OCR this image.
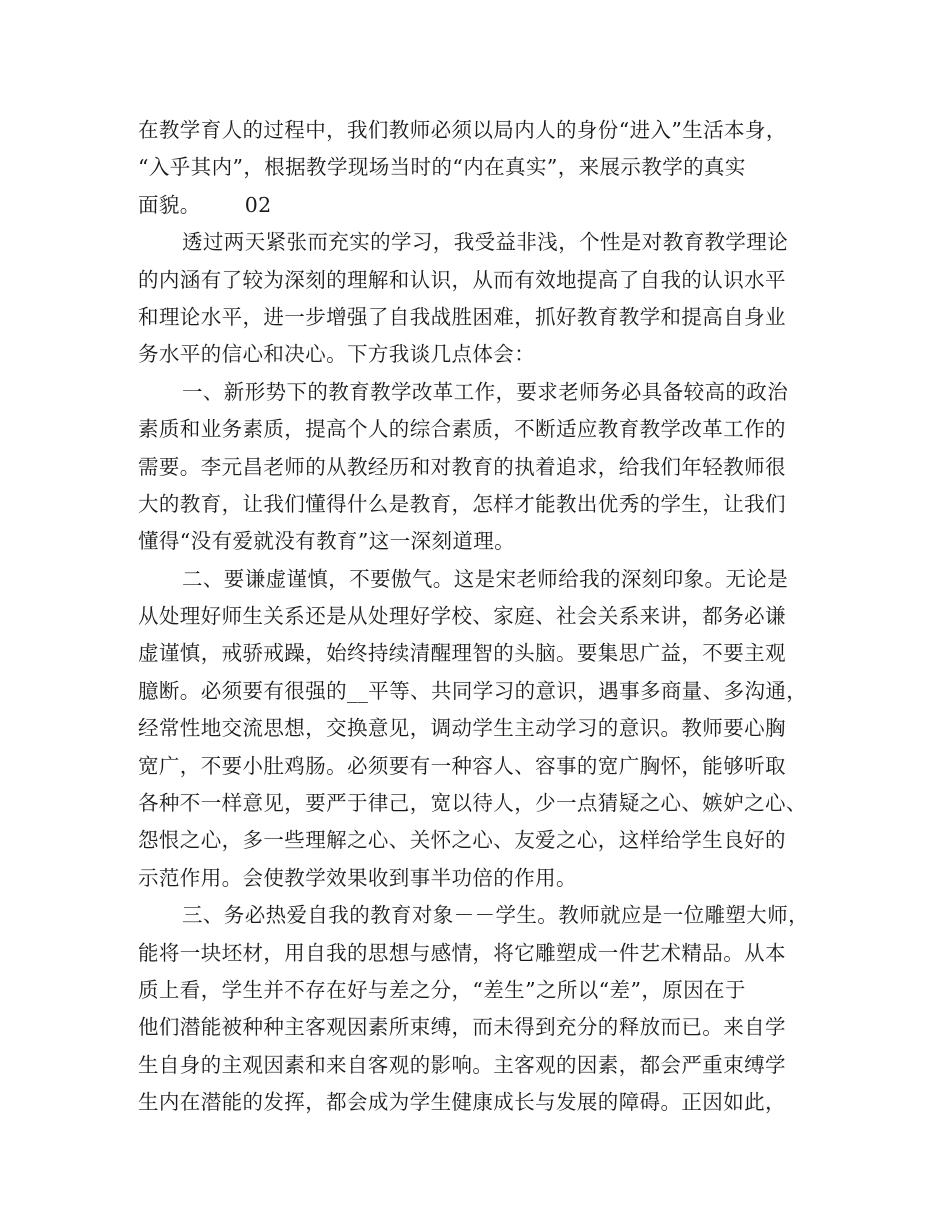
在教学育人的过程中，我们教师必须以局内人的身份“进入”生活本身，
“入乎其内”，根据教学现场当时的“内在真实”，来展示教学的真实
面貌。 02
透过两天紧张而充实的学习，我受益非浅，个性是对教育教学理论
的内涵有了较为深刻的理解和认识，从而有效地提高了自我的认识水平
和理论水平，进一步增强了自我战胜困难，抓好教育教学和提高自身业
务水平的信心和决心。下方我谈几点体会：
一、新形势下的教育教学改革工作，要求老师务必具备较高的政治
素质和业务素质，提高个人的综合素质，不断适应教育教学改革工作的
需要。李元昌老师的从教经历和对教育的执着追求，给我们年轻教师很
大的教育，让我们懂得什么是教育，怎样才能教出优秀的学生，让我们
懂得“没有爱就没有教育”这一深刻道理。
二、要谦虚谨慎，不要傲气。这是宋老师给我的深刻印象。无论是
从处理好师生关系还是从处理好学校、家庭、社会关系来讲，都务必谦
虚谨慎，戒骄戒躁，始终持续清醒理智的头脑。要集思广益，不要主观
臆断。必须要有很强的__平等、共同学习的意识，遇事多商量、多沟通，
经常性地交流思想，交换意见，调动学生主动学习的意识。教师要心胸
宽广，不要小肚鸡肠。必须要有一种容人、容事的宽广胸怀，能够听取
各种不一样意见，要严于律己，宽以待人，少一点猜疑之心、嫉妒之心、
怨恨之心，多一些理解之心、关怀之心、友爱之心，这样给学生良好的
示范作用。会使教学效果收到事半功倍的作用。
三、务必热爱自我的教育对象－－学生。教师就应是一位雕塑大师，
能将一块坯材，用自我的思想与感情，将它雕塑成一件艺术精品。从本
质上看，学生并不存在好与差之分，“差生”之所以“差”，原因在于
他们潜能被种种主客观因素所束缚，而未得到充分的释放而已。来自学
生自身的主观因素和来自客观的影响。主客观的因素，都会严重束缚学
生内在潜能的发挥，都会成为学生健康成长与发展的障碍。正因如此，
